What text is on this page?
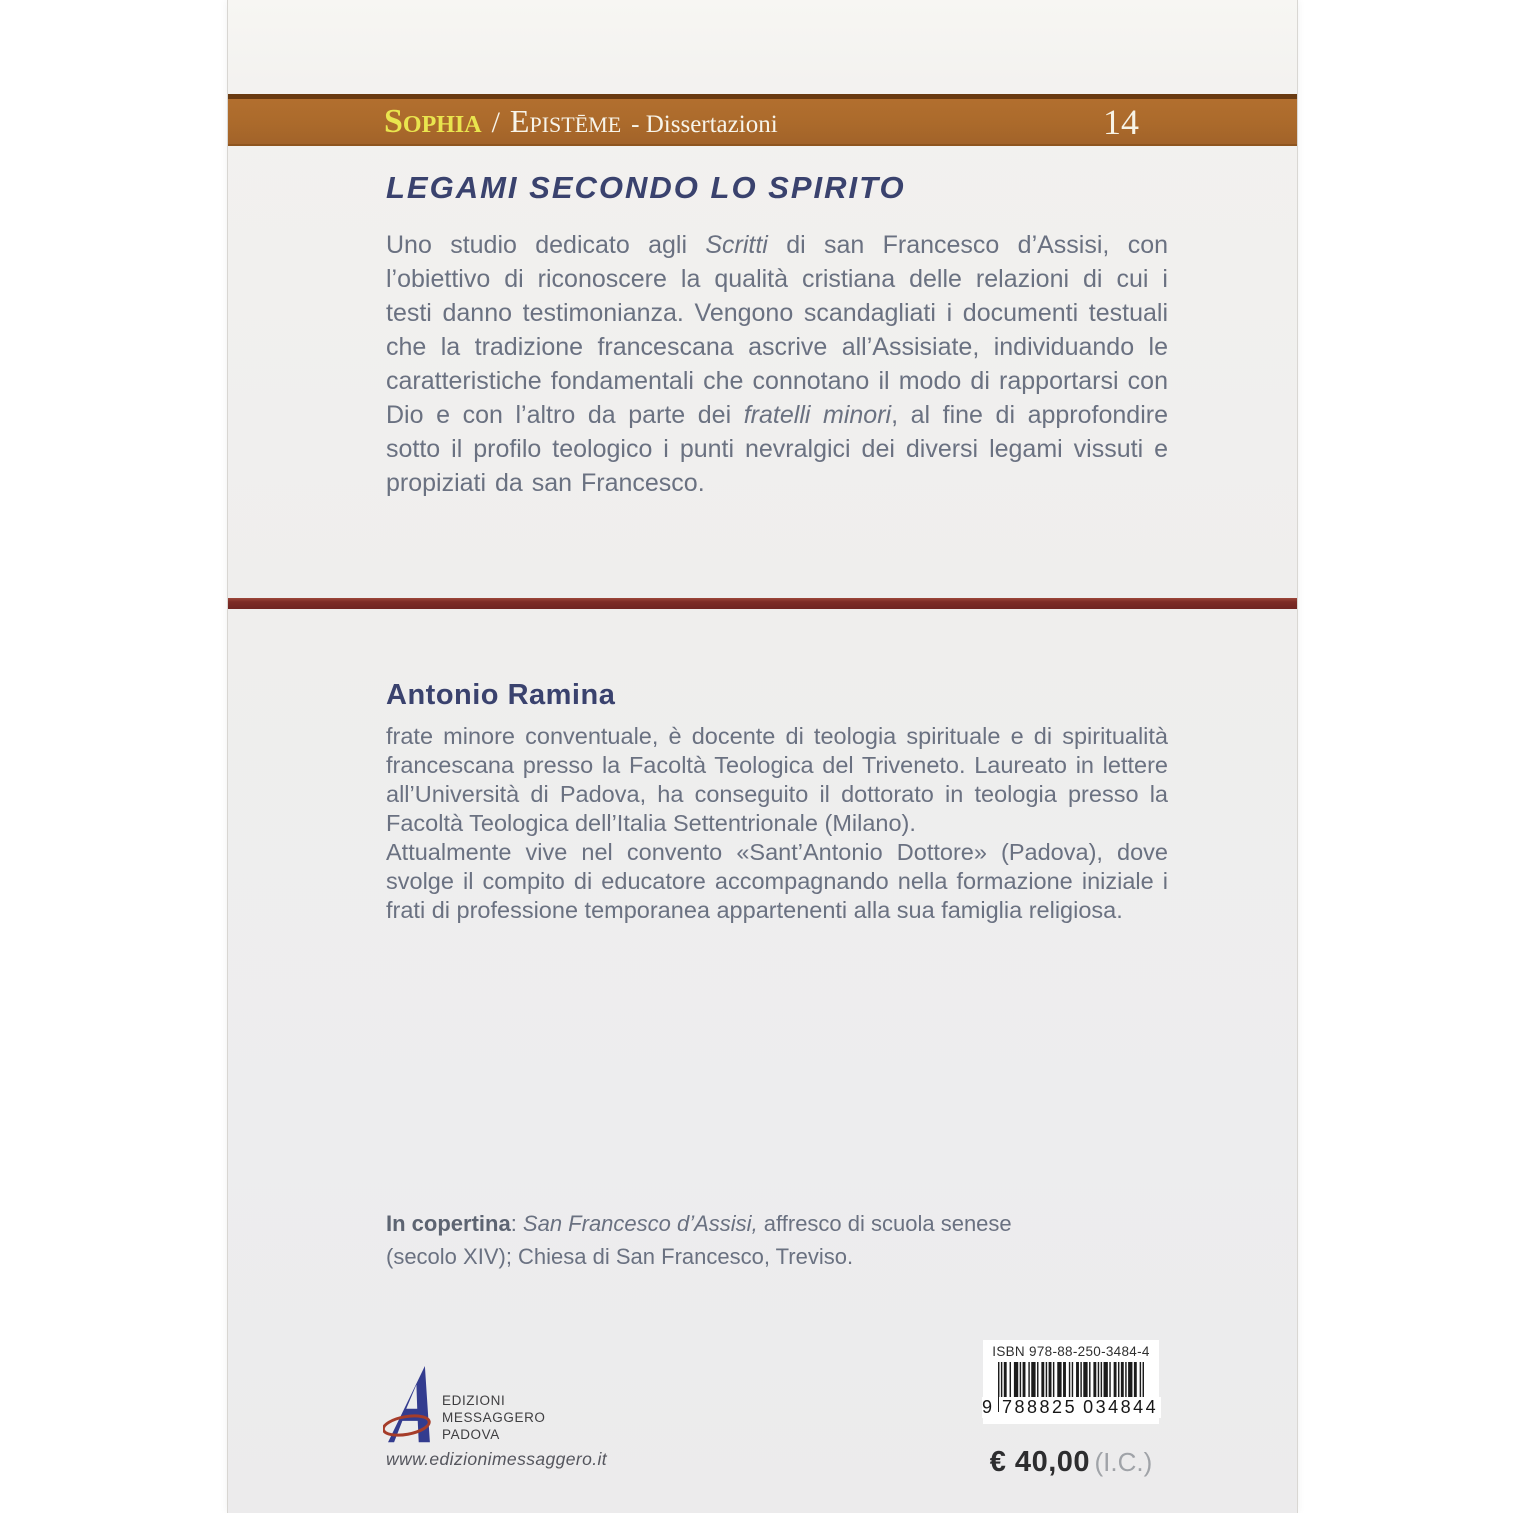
Sophia / Epistēme - Dissertazioni	14
LEGAMI SECONDO LO SPIRITO

Uno studio dedicato agli Scritti di san Francesco d’Assisi, con l’obiettivo di riconoscere la qualità cristiana delle relazioni di cui i testi danno testimonianza. Vengono scandagliati i documenti testuali che la tradizione francescana ascrive all’Assisiate, individuando le caratteristiche fondamentali che connotano il modo di rapportarsi con Dio e con l’altro da parte dei fratelli minori, al fine di approfondire sotto il profilo teologico i punti nevralgici dei diversi legami vissuti e propiziati da san Francesco.

Antonio Ramina

frate minore conventuale, è docente di teologia spirituale e di spiritualità francescana presso la Facoltà Teologica del Triveneto. Laureato in lettere all’Università di Padova, ha conseguito il dottorato in teologia presso la Facoltà Teologica dell’Italia Settentrionale (Milano).

Attualmente vive nel convento «Sant’Antonio Dottore» (Padova), dove svolge il compito di educatore accompagnando nella formazione iniziale i frati di professione temporanea appartenenti alla sua famiglia religiosa.

In copertina: San Francesco d’Assisi, affresco di scuola senese (secolo XIV); Chiesa di San Francesco, Treviso.

EDIZIONI
MESSAGGERO
PADOVA
www.edizionimessaggero.it
ISBN 978-88-250-3484-4
9 788825 034844
€ 40,00 (I.C.)
